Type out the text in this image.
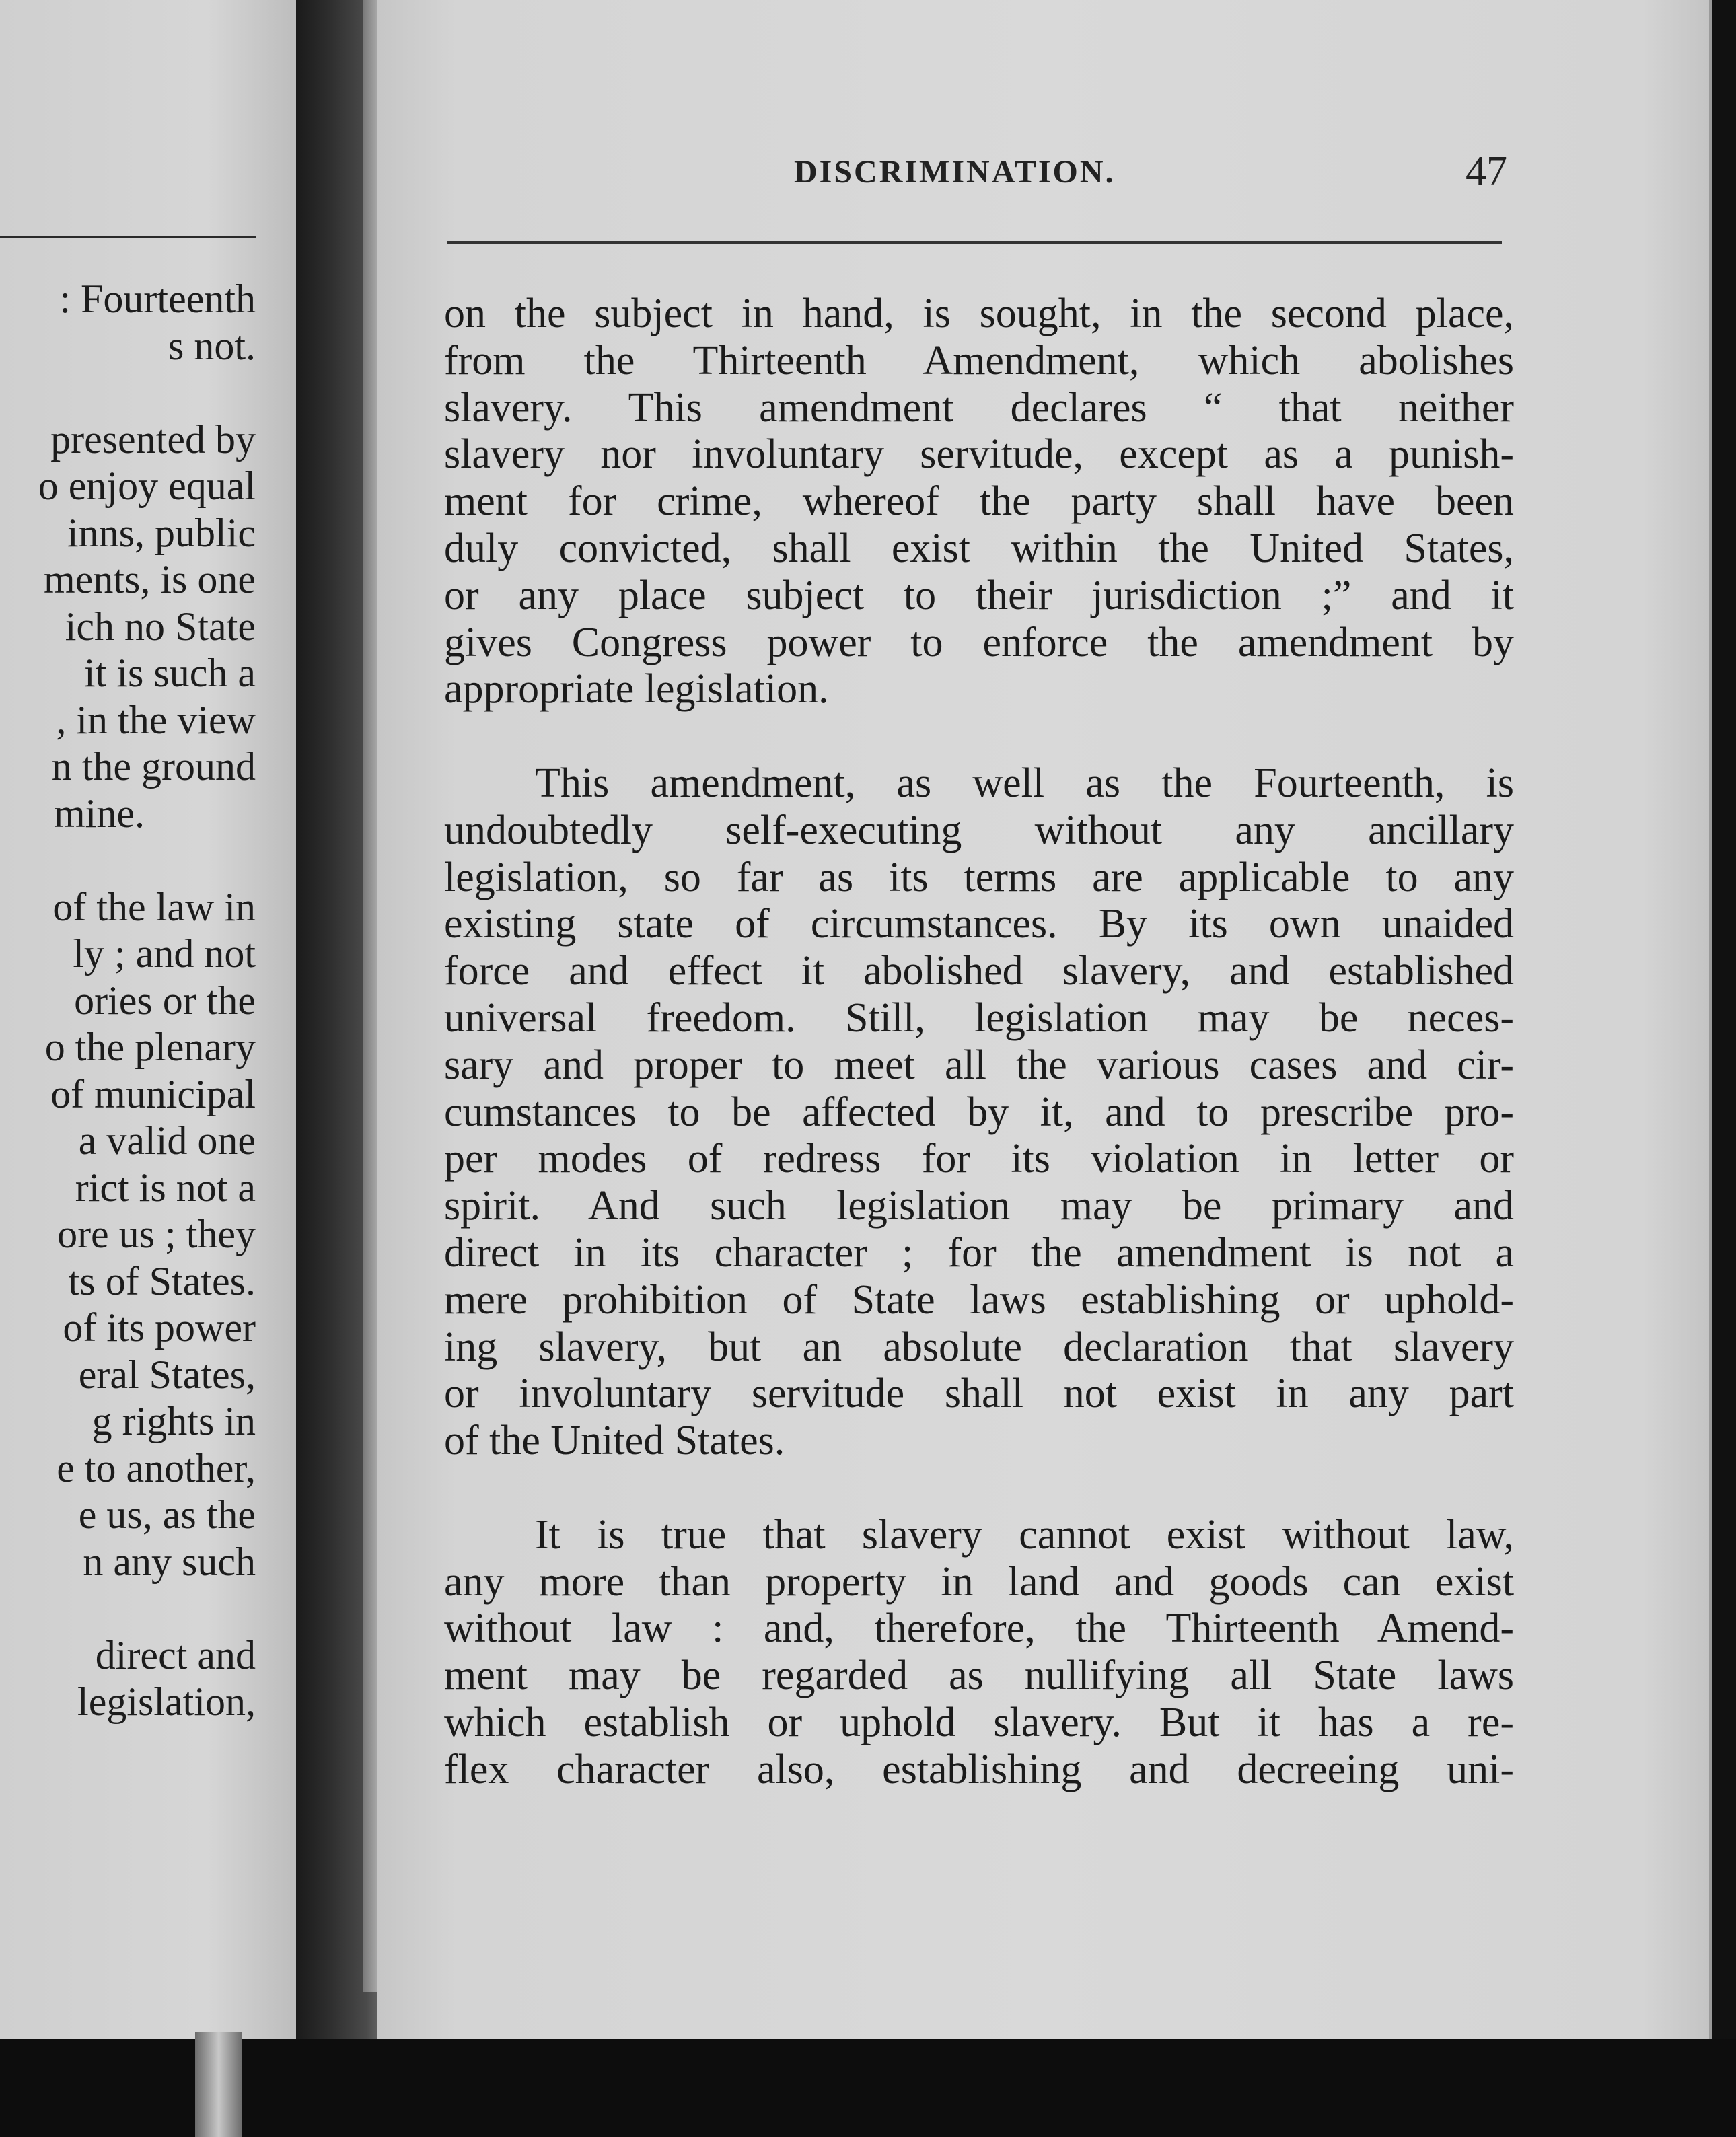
: Fourteenth
s not.
presented by
o enjoy equal
inns, public
ments, is one
ich no State
it is such a
, in the view
n the ground
mine.
of the law in
ly ; and not
ories or the
o the plenary
of municipal
a valid one
rict is not a
ore us ; they
ts of States.
of its power
eral States,
g rights in
e to another,
e us, as the
n any such
direct and
legislation,
DISCRIMINATION.	47
on the subject in hand, is sought, in the second place,
from the Thirteenth Amendment, which abolishes
slavery. This amendment declares “ that neither
slavery nor involuntary servitude, except as a punish-
ment for crime, whereof the party shall have been
duly convicted, shall exist within the United States,
or any place subject to their jurisdiction ;” and it
gives Congress power to enforce the amendment by
appropriate legislation.
This amendment, as well as the Fourteenth, is
undoubtedly self-executing without any ancillary
legislation, so far as its terms are applicable to any
existing state of circumstances. By its own unaided
force and effect it abolished slavery, and established
universal freedom. Still, legislation may be neces-
sary and proper to meet all the various cases and cir-
cumstances to be affected by it, and to prescribe pro-
per modes of redress for its violation in letter or
spirit. And such legislation may be primary and
direct in its character ; for the amendment is not a
mere prohibition of State laws establishing or uphold-
ing slavery, but an absolute declaration that slavery
or involuntary servitude shall not exist in any part
of the United States.
It is true that slavery cannot exist without law,
any more than property in land and goods can exist
without law : and, therefore, the Thirteenth Amend-
ment may be regarded as nullifying all State laws
which establish or uphold slavery. But it has a re-
flex character also, establishing and decreeing uni-
